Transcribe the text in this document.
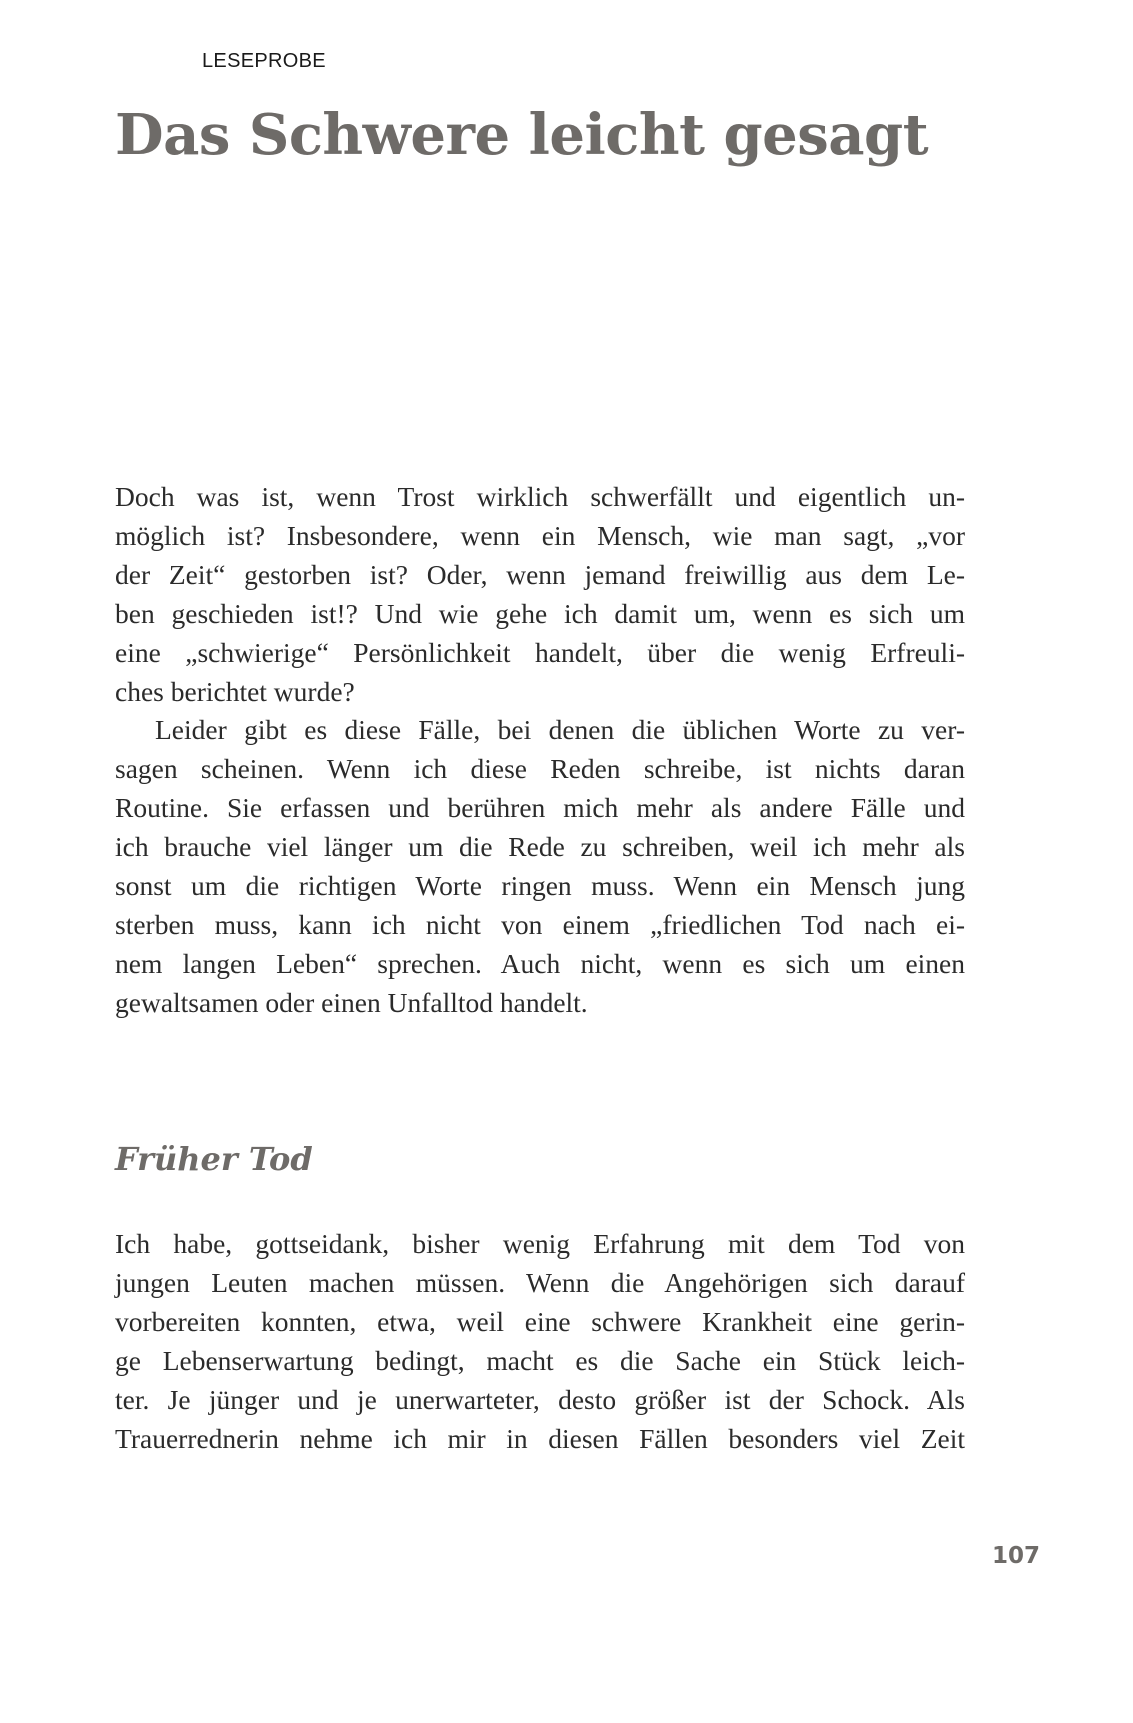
LESEPROBE
Das Schwere leicht gesagt

Doch was ist, wenn Trost wirklich schwerfällt und eigentlich un-
möglich ist? Insbesondere, wenn ein Mensch, wie man sagt, „vor
der Zeit“ gestorben ist? Oder, wenn jemand freiwillig aus dem Le-
ben geschieden ist!? Und wie gehe ich damit um, wenn es sich um
eine „schwierige“ Persönlichkeit handelt, über die wenig Erfreuli-
ches berichtet wurde?

Leider gibt es diese Fälle, bei denen die üblichen Worte zu ver-
sagen scheinen. Wenn ich diese Reden schreibe, ist nichts daran
Routine. Sie erfassen und berühren mich mehr als andere Fälle und
ich brauche viel länger um die Rede zu schreiben, weil ich mehr als
sonst um die richtigen Worte ringen muss. Wenn ein Mensch jung
sterben muss, kann ich nicht von einem „friedlichen Tod nach ei-
nem langen Leben“ sprechen. Auch nicht, wenn es sich um einen
gewaltsamen oder einen Unfalltod handelt.

Früher Tod

Ich habe, gottseidank, bisher wenig Erfahrung mit dem Tod von
jungen Leuten machen müssen. Wenn die Angehörigen sich darauf
vorbereiten konnten, etwa, weil eine schwere Krankheit eine gerin-
ge Lebenserwartung bedingt, macht es die Sache ein Stück leich-
ter. Je jünger und je unerwarteter, desto größer ist der Schock. Als
Trauerrednerin nehme ich mir in diesen Fällen besonders viel Zeit

107
